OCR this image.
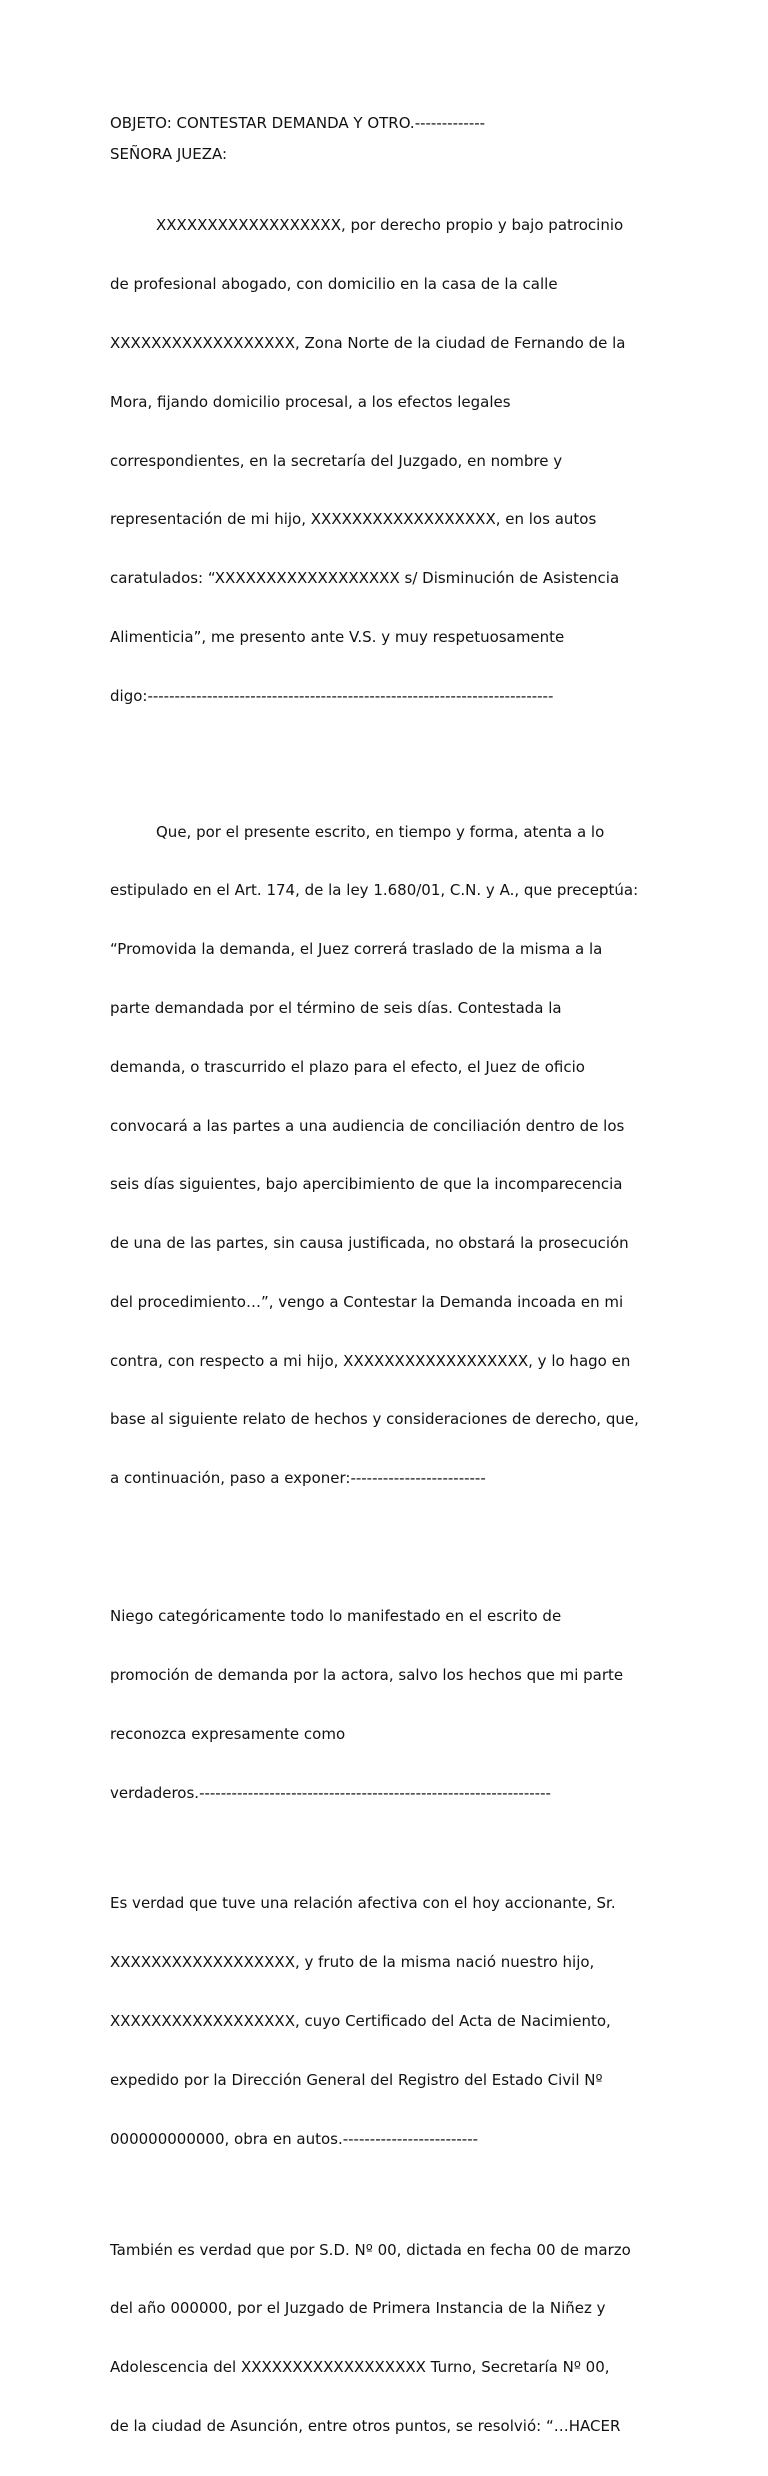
OBJETO: CONTESTAR DEMANDA Y OTRO.-------------

SEÑORA JUEZA:

XXXXXXXXXXXXXXXXXX, por derecho propio y bajo patrocinio

de profesional abogado, con domicilio en la casa de la calle

XXXXXXXXXXXXXXXXXX, Zona Norte de la ciudad de Fernando de la

Mora, fijando domicilio procesal, a los efectos legales

correspondientes, en la secretaría del Juzgado, en nombre y

representación de mi hijo, XXXXXXXXXXXXXXXXXX, en los autos

caratulados: “XXXXXXXXXXXXXXXXXX s/ Disminución de Asistencia

Alimenticia”, me presento ante V.S. y muy respetuosamente

digo:---------------------------------------------------------------------------

Que, por el presente escrito, en tiempo y forma, atenta a lo

estipulado en el Art. 174, de la ley 1.680/01, C.N. y A., que preceptúa:

“Promovida la demanda, el Juez correrá traslado de la misma a la

parte demandada por el término de seis días. Contestada la

demanda, o trascurrido el plazo para el efecto, el Juez de oficio

convocará a las partes a una audiencia de conciliación dentro de los

seis días siguientes, bajo apercibimiento de que la incomparecencia

de una de las partes, sin causa justificada, no obstará la prosecución

del procedimiento…”, vengo a Contestar la Demanda incoada en mi

contra, con respecto a mi hijo, XXXXXXXXXXXXXXXXXX, y lo hago en

base al siguiente relato de hechos y consideraciones de derecho, que,

a continuación, paso a exponer:-------------------------

Niego categóricamente todo lo manifestado en el escrito de

promoción de demanda por la actora, salvo los hechos que mi parte

reconozca expresamente como

verdaderos.-----------------------------------------------------------------

Es verdad que tuve una relación afectiva con el hoy accionante, Sr.

XXXXXXXXXXXXXXXXXX, y fruto de la misma nació nuestro hijo,

XXXXXXXXXXXXXXXXXX, cuyo Certificado del Acta de Nacimiento,

expedido por la Dirección General del Registro del Estado Civil Nº

000000000000, obra en autos.-------------------------

También es verdad que por S.D. Nº 00, dictada en fecha 00 de marzo

del año 000000, por el Juzgado de Primera Instancia de la Niñez y

Adolescencia del XXXXXXXXXXXXXXXXXX Turno, Secretaría Nº 00,

de la ciudad de Asunción, entre otros puntos, se resolvió: “…HACER
